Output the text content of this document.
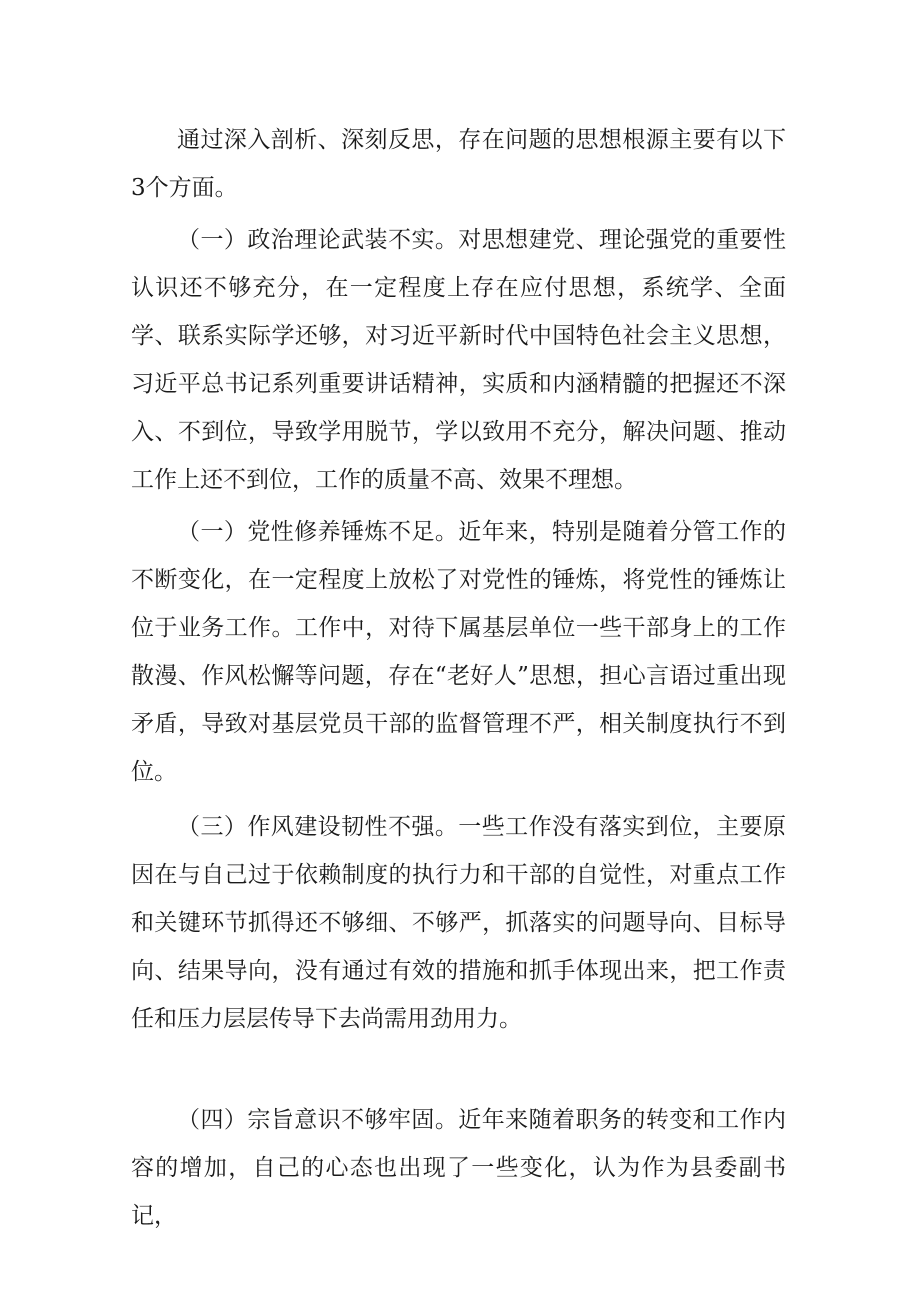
通过深入剖析、深刻反思，存在问题的思想根源主要有以下3个方面。

（一）政治理论武装不实。对思想建党、理论强党的重要性认识还不够充分，在一定程度上存在应付思想，系统学、全面学、联系实际学还够，对习近平新时代中国特色社会主义思想，习近平总书记系列重要讲话精神，实质和内涵精髓的把握还不深入、不到位，导致学用脱节，学以致用不充分，解决问题、推动工作上还不到位，工作的质量不高、效果不理想。

（一）党性修养锤炼不足。近年来，特别是随着分管工作的不断变化，在一定程度上放松了对党性的锤炼，将党性的锤炼让位于业务工作。工作中，对待下属基层单位一些干部身上的工作散漫、作风松懈等问题，存在“老好人”思想，担心言语过重出现矛盾，导致对基层党员干部的监督管理不严，相关制度执行不到位。

（三）作风建设韧性不强。一些工作没有落实到位，主要原因在与自己过于依赖制度的执行力和干部的自觉性，对重点工作和关键环节抓得还不够细、不够严，抓落实的问题导向、目标导向、结果导向，没有通过有效的措施和抓手体现出来，把工作责任和压力层层传导下去尚需用劲用力。

（四）宗旨意识不够牢固。近年来随着职务的转变和工作内容的增加，自己的心态也出现了一些变化，认为作为县委副书记，
